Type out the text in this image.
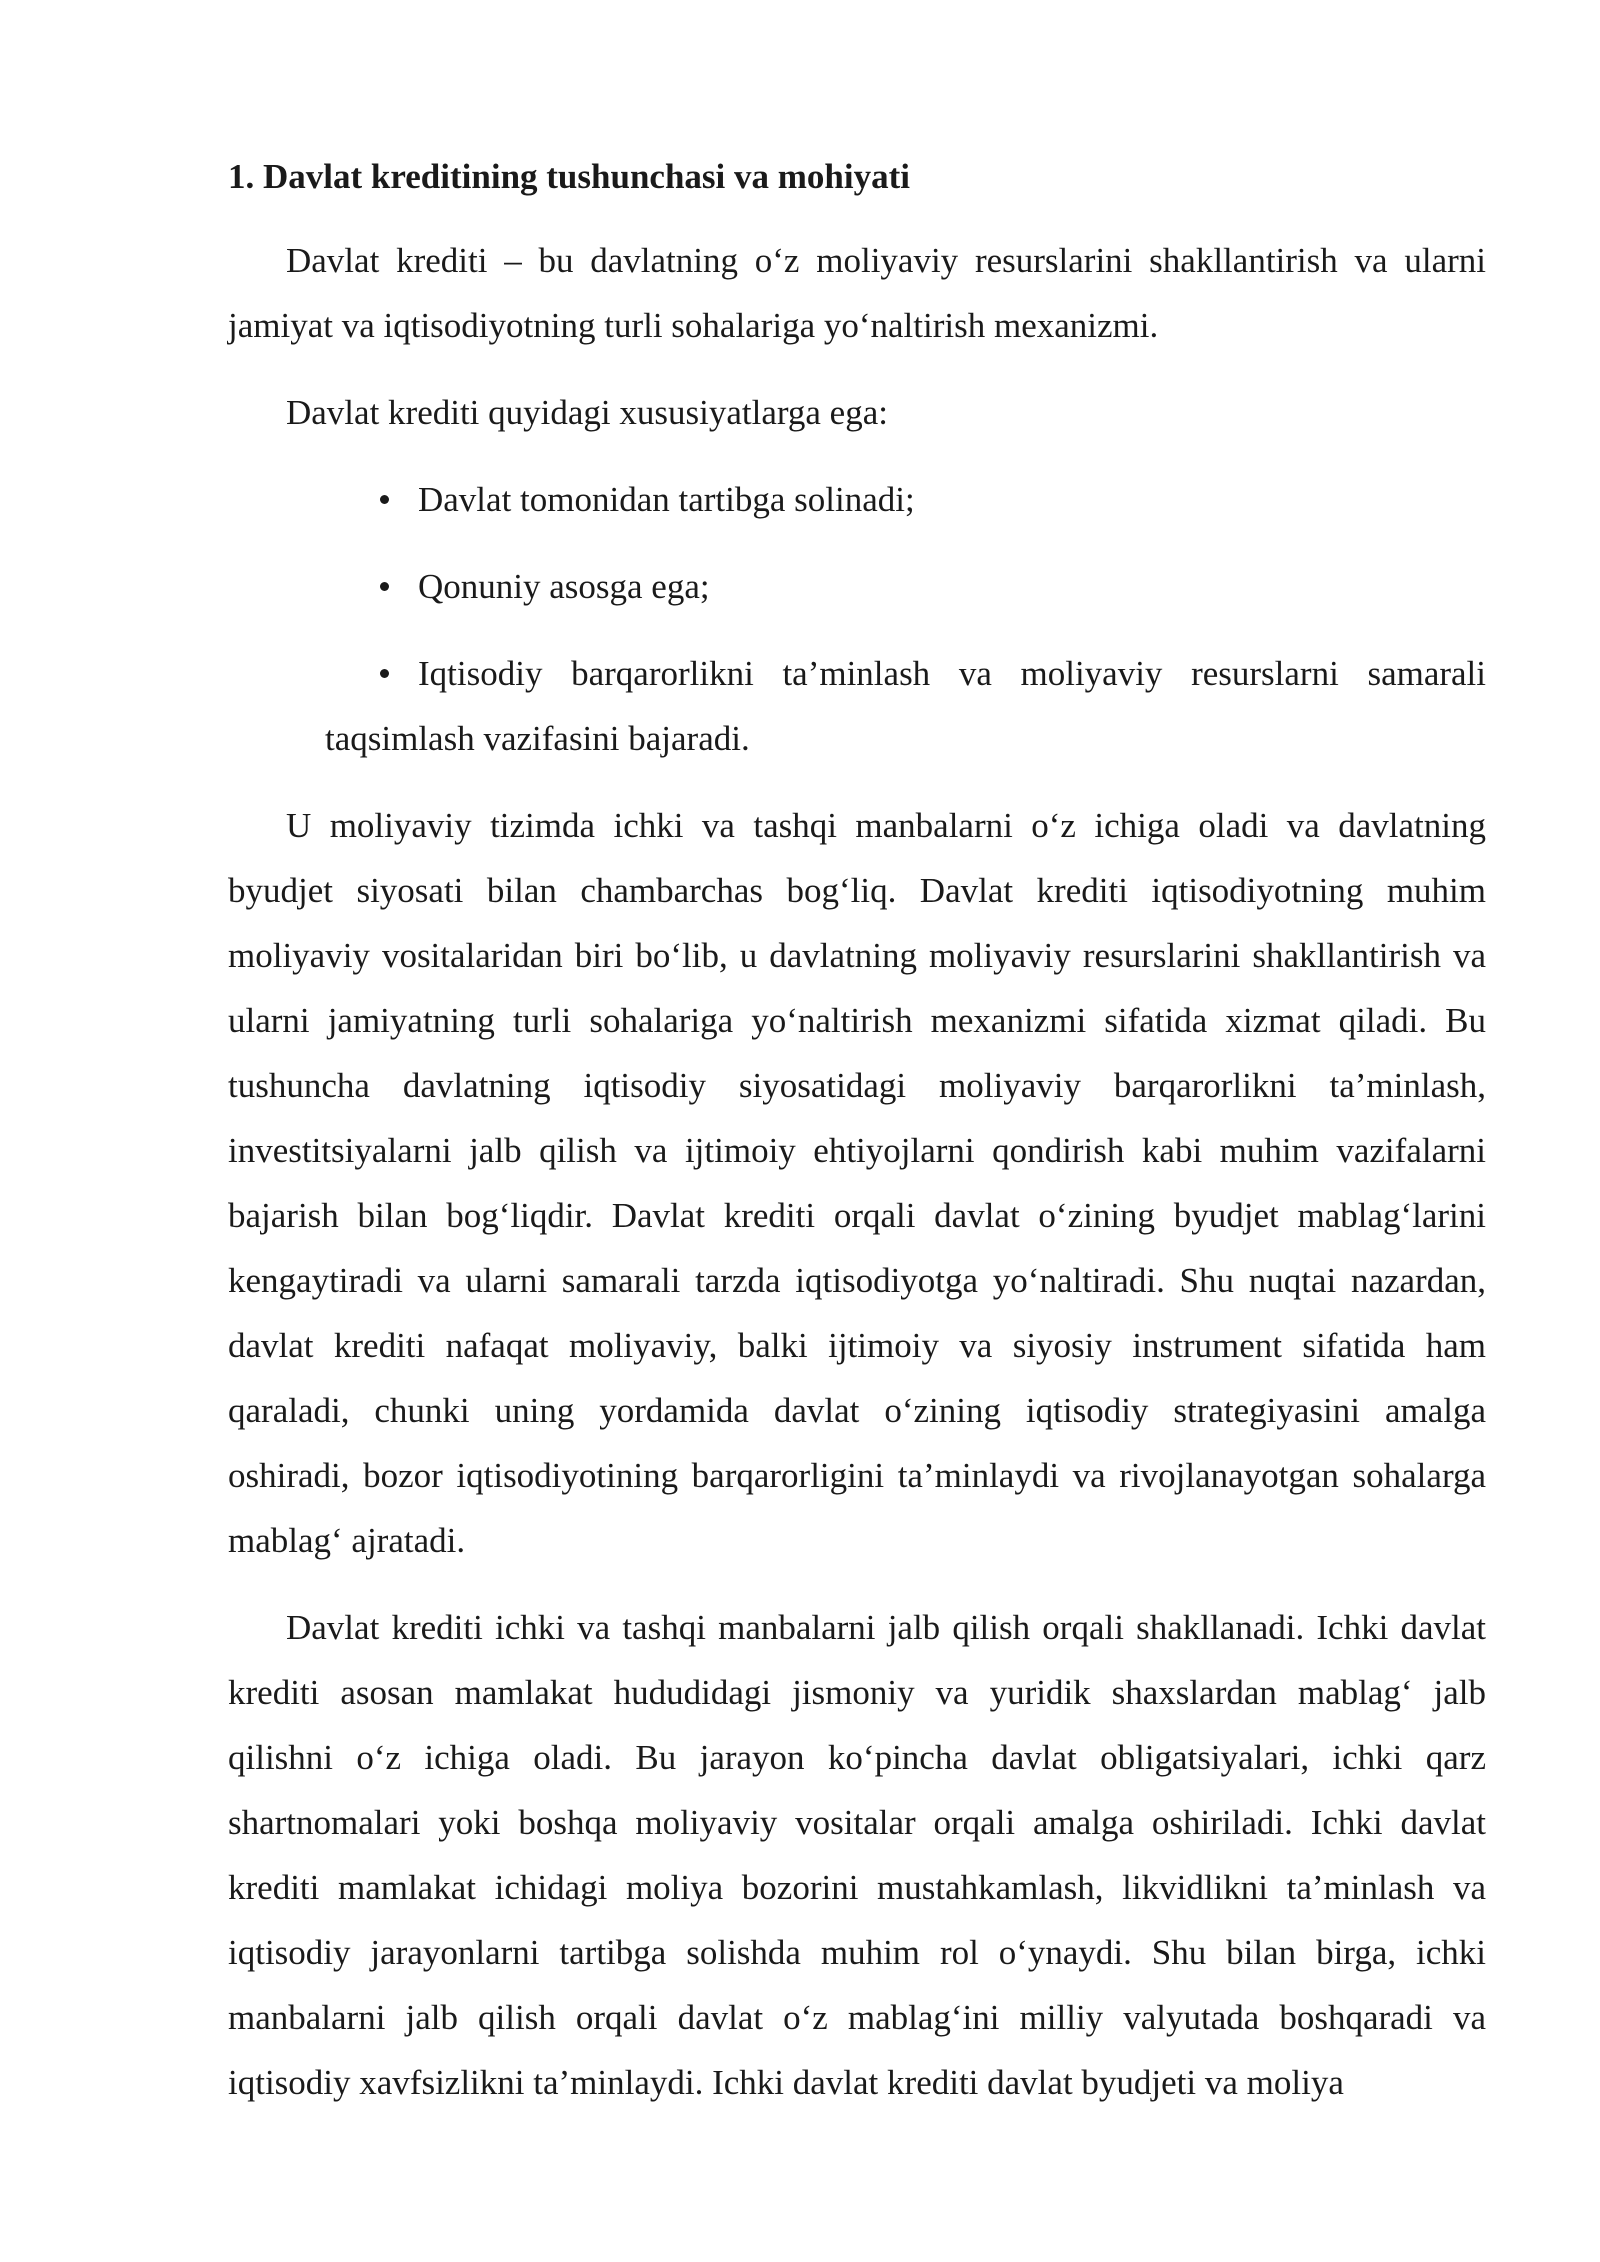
1. Davlat kreditining tushunchasi va mohiyati

Davlat krediti – bu davlatning o‘z moliyaviy resurslarini shakllantirish va ularni jamiyat va iqtisodiyotning turli sohalariga yo‘naltirish mexanizmi.

Davlat krediti quyidagi xususiyatlarga ega:

Davlat tomonidan tartibga solinadi;
Qonuniy asosga ega;
Iqtisodiy barqarorlikni ta’minlash va moliyaviy resurslarni samarali taqsimlash vazifasini bajaradi.

U moliyaviy tizimda ichki va tashqi manbalarni o‘z ichiga oladi va davlatning byudjet siyosati bilan chambarchas bog‘liq. Davlat krediti iqtisodiyotning muhim moliyaviy vositalaridan biri bo‘lib, u davlatning moliyaviy resurslarini shakllantirish va ularni jamiyatning turli sohalariga yo‘naltirish mexanizmi sifatida xizmat qiladi. Bu tushuncha davlatning iqtisodiy siyosatidagi moliyaviy barqarorlikni ta’minlash, investitsiyalarni jalb qilish va ijtimoiy ehtiyojlarni qondirish kabi muhim vazifalarni bajarish bilan bog‘liqdir. Davlat krediti orqali davlat o‘zining byudjet mablag‘larini kengaytiradi va ularni samarali tarzda iqtisodiyotga yo‘naltiradi. Shu nuqtai nazardan, davlat krediti nafaqat moliyaviy, balki ijtimoiy va siyosiy instrument sifatida ham qaraladi, chunki uning yordamida davlat o‘zining iqtisodiy strategiyasini amalga oshiradi, bozor iqtisodiyotining barqarorligini ta’minlaydi va rivojlanayotgan sohalarga mablag‘ ajratadi.

Davlat krediti ichki va tashqi manbalarni jalb qilish orqali shakllanadi. Ichki davlat krediti asosan mamlakat hududidagi jismoniy va yuridik shaxslardan mablag‘ jalb qilishni o‘z ichiga oladi. Bu jarayon ko‘pincha davlat obligatsiyalari, ichki qarz shartnomalari yoki boshqa moliyaviy vositalar orqali amalga oshiriladi. Ichki davlat krediti mamlakat ichidagi moliya bozorini mustahkamlash, likvidlikni ta’minlash va iqtisodiy jarayonlarni tartibga solishda muhim rol o‘ynaydi. Shu bilan birga, ichki manbalarni jalb qilish orqali davlat o‘z mablag‘ini milliy valyutada boshqaradi va iqtisodiy xavfsizlikni ta’minlaydi. Ichki davlat krediti davlat byudjeti va moliya
